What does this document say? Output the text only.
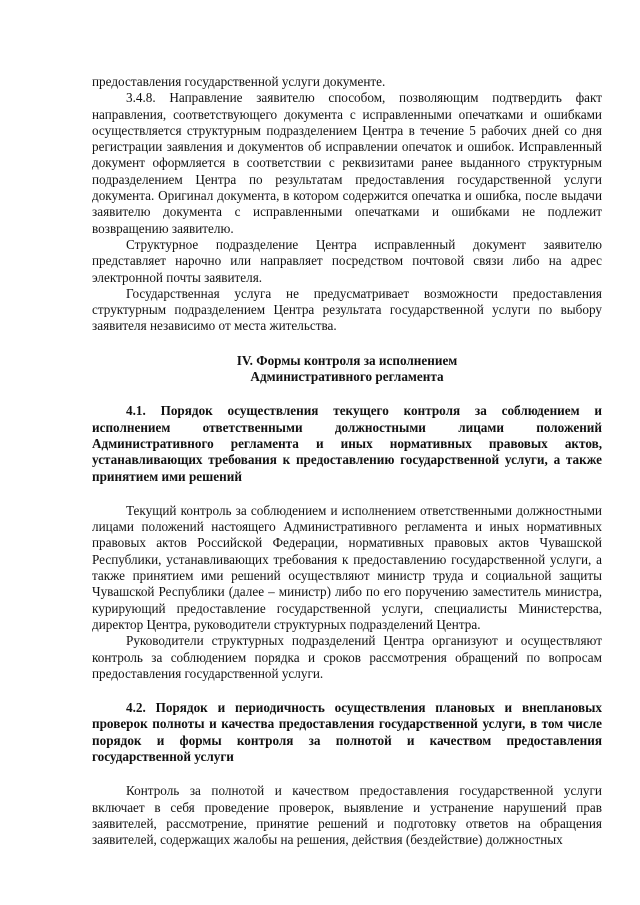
предоставления государственной услуги документе.

3.4.8. Направление заявителю способом, позволяющим подтвердить факт направления, соответствующего документа с исправленными опечатками и ошибками осуществляется структурным подразделением Центра в течение 5 рабочих дней со дня регистрации заявления и документов об исправлении опечаток и ошибок. Исправленный документ оформляется в соответствии с реквизитами ранее выданного структурным подразделением Центра по результатам предоставления государственной услуги документа. Оригинал документа, в котором содержится опечатка и ошибка, после выдачи заявителю документа с исправленными опечатками и ошибками не подлежит возвращению заявителю.

Структурное подразделение Центра исправленный документ заявителю представляет нарочно или направляет посредством почтовой связи либо на адрес электронной почты заявителя.

Государственная услуга не предусматривает возможности предоставления структурным подразделением Центра результата государственной услуги по выбору заявителя независимо от места жительства.

IV. Формы контроля за исполнением

Административного регламента

4.1. Порядок осуществления текущего контроля за соблюдением и исполнением ответственными должностными лицами положений Административного регламента и иных нормативных правовых актов, устанавливающих требования к предоставлению государственной услуги, а также принятием ими решений

Текущий контроль за соблюдением и исполнением ответственными должностными лицами положений настоящего Административного регламента и иных нормативных правовых актов Российской Федерации, нормативных правовых актов Чувашской Республики, устанавливающих требования к предоставлению государственной услуги, а также принятием ими решений осуществляют министр труда и социальной защиты Чувашской Республики (далее – министр) либо по его поручению заместитель министра, курирующий предоставление государственной услуги, специалисты Министерства, директор Центра, руководители структурных подразделений Центра.

Руководители структурных подразделений Центра организуют и осуществляют контроль за соблюдением порядка и сроков рассмотрения обращений по вопросам предоставления государственной услуги.

4.2. Порядок и периодичность осуществления плановых и внеплановых проверок полноты и качества предоставления государственной услуги, в том числе порядок и формы контроля за полнотой и качеством предоставления государственной услуги

Контроль за полнотой и качеством предоставления государственной услуги включает в себя проведение проверок, выявление и устранение нарушений прав заявителей, рассмотрение, принятие решений и подготовку ответов на обращения заявителей, содержащих жалобы на решения, действия (бездействие) должностных
